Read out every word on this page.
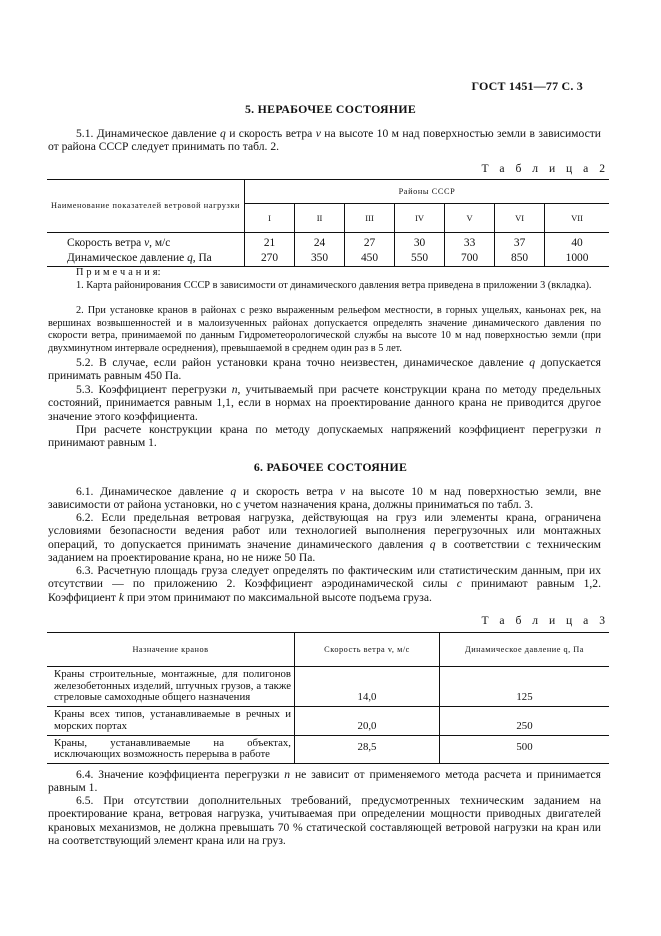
ГОСТ 1451—77 С. 3
5. НЕРАБОЧЕЕ СОСТОЯНИЕ
5.1. Динамическое давление q и скорость ветра v на высоте 10 м над поверхностью земли в зависимости от района СССР следует принимать по табл. 2.
Т а б л и ц а 2
Наименование показателей ветровой нагрузки	Районы СССР						
	I	II	III	IV	V	VI	VII
Скорость ветра v, м/с	21	24	27	30	33	37	40
Динамическое давление q, Па	270	350	450	550	700	850	1000
П р и м е ч а н и я:
1. Карта районирования СССР в зависимости от динамического давления ветра приведена в приложении 3 (вкладка).
2. При установке кранов в районах с резко выраженным рельефом местности, в горных ущельях, каньонах рек, на вершинах возвышенностей и в малоизученных районах допускается определять значение динамического давления по скорости ветра, принимаемой по данным Гидрометеорологической службы на высоте 10 м над поверхностью земли (при двухминутном интервале осреднения), превышаемой в среднем один раз в 5 лет.
5.2. В случае, если район установки крана точно неизвестен, динамическое давление q допускается принимать равным 450 Па.
5.3. Коэффициент перегрузки n, учитываемый при расчете конструкции крана по методу предельных состояний, принимается равным 1,1, если в нормах на проектирование данного крана не приводится другое значение этого коэффициента.
При расчете конструкции крана по методу допускаемых напряжений коэффициент перегрузки n принимают равным 1.
6. РАБОЧЕЕ СОСТОЯНИЕ
6.1. Динамическое давление q и скорость ветра v на высоте 10 м над поверхностью земли, вне зависимости от района установки, но с учетом назначения крана, должны приниматься по табл. 3.
6.2. Если предельная ветровая нагрузка, действующая на груз или элементы крана, ограничена условиями безопасности ведения работ или технологией выполнения перегрузочных или монтажных операций, то допускается принимать значение динамического давления q в соответствии с техническим заданием на проектирование крана, но не ниже 50 Па.
6.3. Расчетную площадь груза следует определять по фактическим или статистическим данным, при их отсутствии — по приложению 2. Коэффициент аэродинамической силы c принимают равным 1,2. Коэффициент k при этом принимают по максимальной высоте подъема груза.
Т а б л и ц а 3
Назначение кранов	Скорость ветра v, м/с	Динамическое давление q, Па
Краны строительные, монтажные, для полигонов железобетонных изделий, штучных грузов, а также стреловые самоходные общего назначения	14,0	125
Краны всех типов, устанавливаемые в речных и морских портах	20,0	250
Краны, устанавливаемые на объектах, исключающих возможность перерыва в работе	28,5	500
6.4. Значение коэффициента перегрузки n не зависит от применяемого метода расчета и принимается равным 1.
6.5. При отсутствии дополнительных требований, предусмотренных техническим заданием на проектирование крана, ветровая нагрузка, учитываемая при определении мощности приводных двигателей крановых механизмов, не должна превышать 70 % статической составляющей ветровой нагрузки на кран или на соответствующий элемент крана или на груз.
